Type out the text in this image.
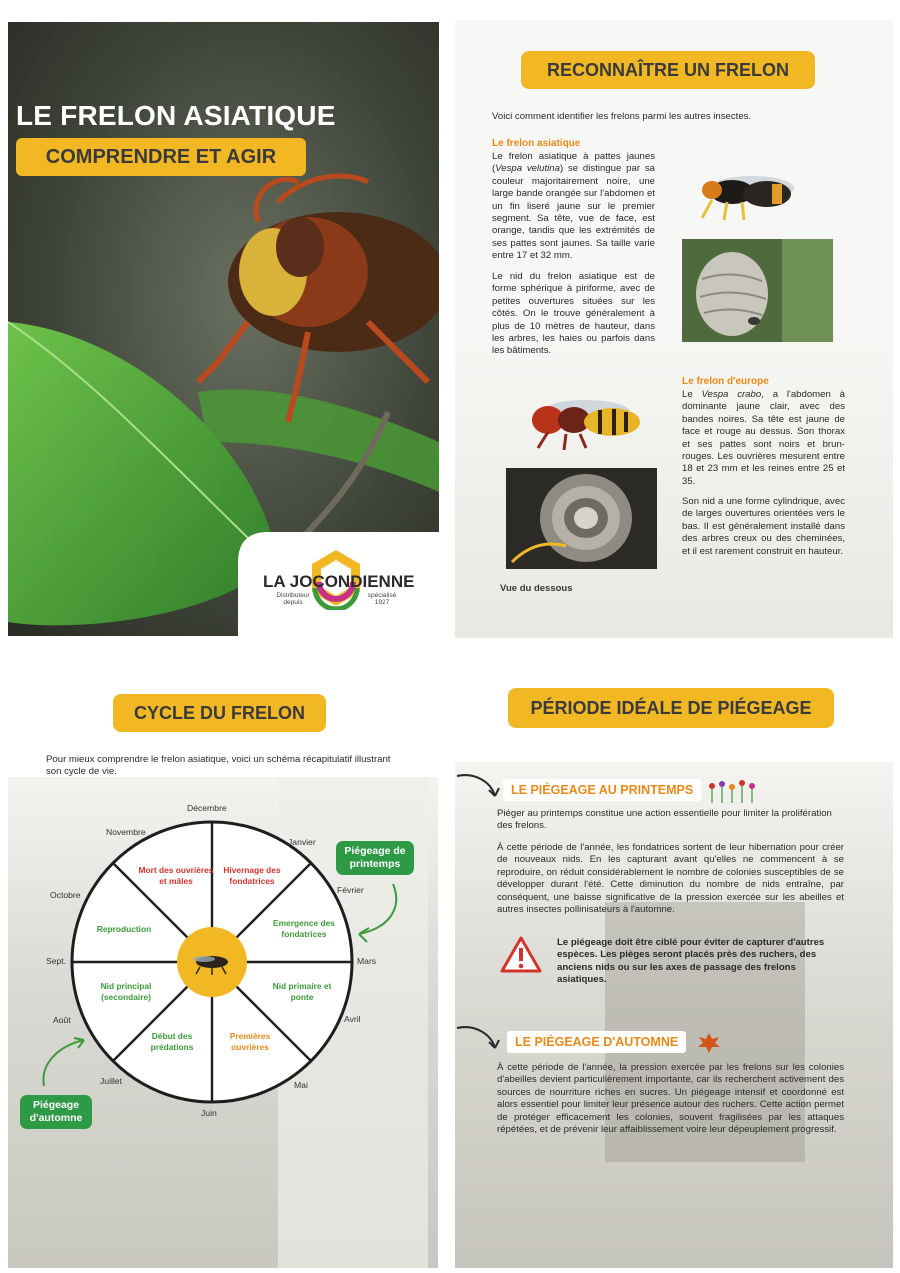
LE FRELON ASIATIQUE
COMPRENDRE ET AGIR
LA JOCONDIENNE
Distributeur depuis
spécialisé 1927
RECONNAÎTRE UN FRELON
Voici comment identifier les frelons parmi les autres insectes.
Le frelon asiatique
Le frelon asiatique à pattes jaunes (Vespa velutina) se distingue par sa couleur majoritairement noire, une large bande orangée sur l'abdomen et un fin liseré jaune sur le premier segment. Sa tête, vue de face, est orange, tandis que les extrémités de ses pattes sont jaunes. Sa taille varie entre 17 et 32 mm.
Le nid du frelon asiatique est de forme sphérique à piriforme, avec de petites ouvertures situées sur les côtés. On le trouve généralement à plus de 10 mètres de hauteur, dans les arbres, les haies ou parfois dans les bâtiments.
Le frelon d'europe
Le Vespa crabo, a l'abdomen à dominante jaune clair, avec des bandes noires. Sa tête est jaune de face et rouge au dessus. Son thorax et ses pattes sont noirs et brun-rouges. Les ouvrières mesurent entre 18 et 23 mm et les reines entre 25 et 35.
Son nid a une forme cylindrique, avec de larges ouvertures orientées vers le bas. Il est généralement installé dans des arbres creux ou des cheminées, et il est rarement construit en hauteur.
Vue du dessous
CYCLE DU FRELON
Pour mieux comprendre le frelon asiatique, voici un schéma récapitulatif illustrant son cycle de vie.
Hivernage des fondatrices
Emergence des fondatrices
Nid primaire et ponte
Premières ouvrières
Début des prédations
Nid principal (secondaire)
Reproduction
Mort des ouvrières et mâles
Décembre
Janvier
Février
Mars
Avril
Mai
Juin
Juillet
Août
Sept.
Octobre
Novembre
Piégeage de printemps
Piégeage d'automne
PÉRIODE IDÉALE DE PIÉGEAGE
LE PIÉGEAGE AU PRINTEMPS
Piéger au printemps constitue une action essentielle pour limiter la prolifération des frelons.
À cette période de l'année, les fondatrices sortent de leur hibernation pour créer de nouveaux nids. En les capturant avant qu'elles ne commencent à se reproduire, on réduit considérablement le nombre de colonies susceptibles de se développer durant l'été. Cette diminution du nombre de nids entraîne, par conséquent, une baisse significative de la pression exercée sur les abeilles et autres insectes pollinisateurs à l'automne.
Le piégeage doit être ciblé pour éviter de capturer d'autres espèces. Les pièges seront placés près des ruchers, des anciens nids ou sur les axes de passage des frelons asiatiques.
LE PIÉGEAGE D'AUTOMNE
À cette période de l'année, la pression exercée par les frelons sur les colonies d'abeilles devient particulièrement importante, car ils recherchent activement des sources de nourriture riches en sucres. Un piégeage intensif et coordonné est alors essentiel pour limiter leur présence autour des ruchers. Cette action permet de protéger efficacement les colonies, souvent fragilisées par les attaques répétées, et de prévenir leur affaiblissement voire leur dépeuplement progressif.
